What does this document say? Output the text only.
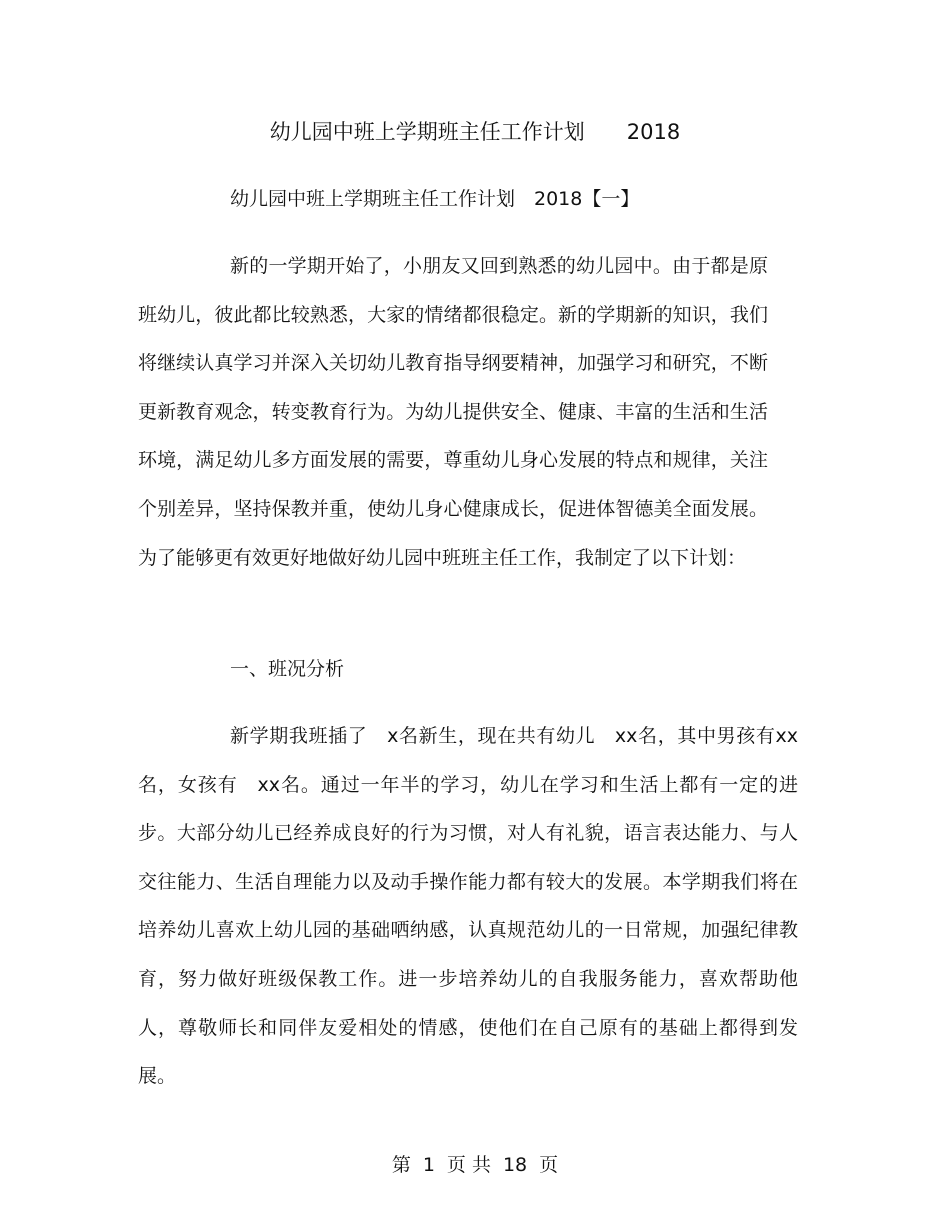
幼儿园中班上学期班主任工作计划　　2018
幼儿园中班上学期班主任工作计划　2018【一】
新的一学期开始了，小朋友又回到熟悉的幼儿园中。由于都是原班幼儿，彼此都比较熟悉，大家的情绪都很稳定。新的学期新的知识，我们将继续认真学习并深入关切幼儿教育指导纲要精神，加强学习和研究，不断更新教育观念，转变教育行为。为幼儿提供安全、健康、丰富的生活和生活环境，满足幼儿多方面发展的需要，尊重幼儿身心发展的特点和规律，关注个别差异，坚持保教并重，使幼儿身心健康成长，促进体智德美全面发展。为了能够更有效更好地做好幼儿园中班班主任工作，我制定了以下计划：
一、班况分析
新学期我班插了　x名新生，现在共有幼儿　xx名，其中男孩有xx名，女孩有　xx名。通过一年半的学习，幼儿在学习和生活上都有一定的进步。大部分幼儿已经养成良好的行为习惯，对人有礼貌，语言表达能力、与人交往能力、生活自理能力以及动手操作能力都有较大的发展。本学期我们将在培养幼儿喜欢上幼儿园的基础哂纳感，认真规范幼儿的一日常规，加强纪律教育，努力做好班级保教工作。进一步培养幼儿的自我服务能力，喜欢帮助他人，尊敬师长和同伴友爱相处的情感，使他们在自己原有的基础上都得到发展。
第 1 页 共 18 页
